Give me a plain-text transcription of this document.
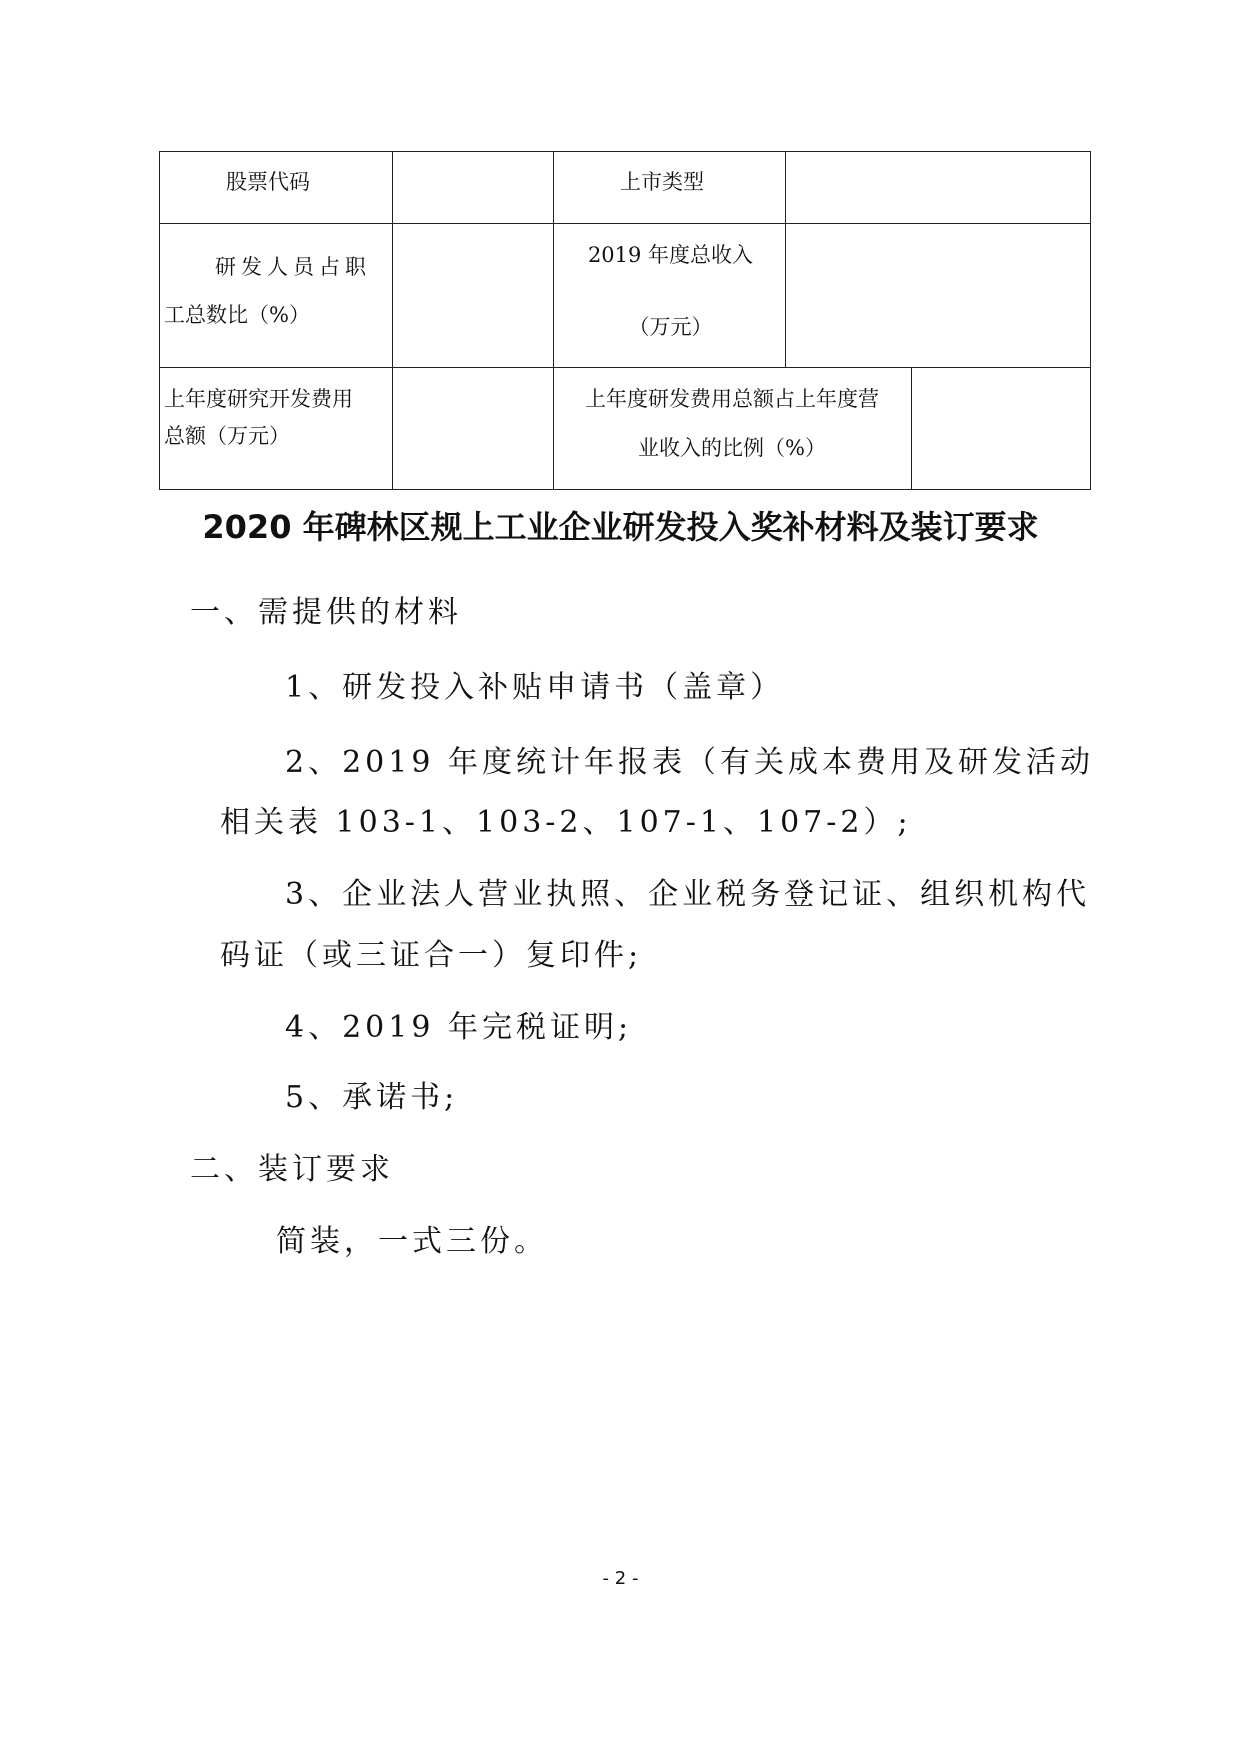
股票代码	上市类型
研发人员占职
工总数比（%）
2019 年度总收入
（万元）
上年度研究开发费用
总额（万元）
上年度研发费用总额占上年度营
业收入的比例（%）
2020 年碑林区规上工业企业研发投入奖补材料及装订要求
一、需提供的材料
1、研发投入补贴申请书（盖章）
2、2019 年度统计年报表（有关成本费用及研发活动
相关表 103-1、103-2、107-1、107-2）;
3、企业法人营业执照、企业税务登记证、组织机构代
码证（或三证合一）复印件;
4、2019 年完税证明;
5、承诺书;
二、装订要求
简装，一式三份。
- 2 -
